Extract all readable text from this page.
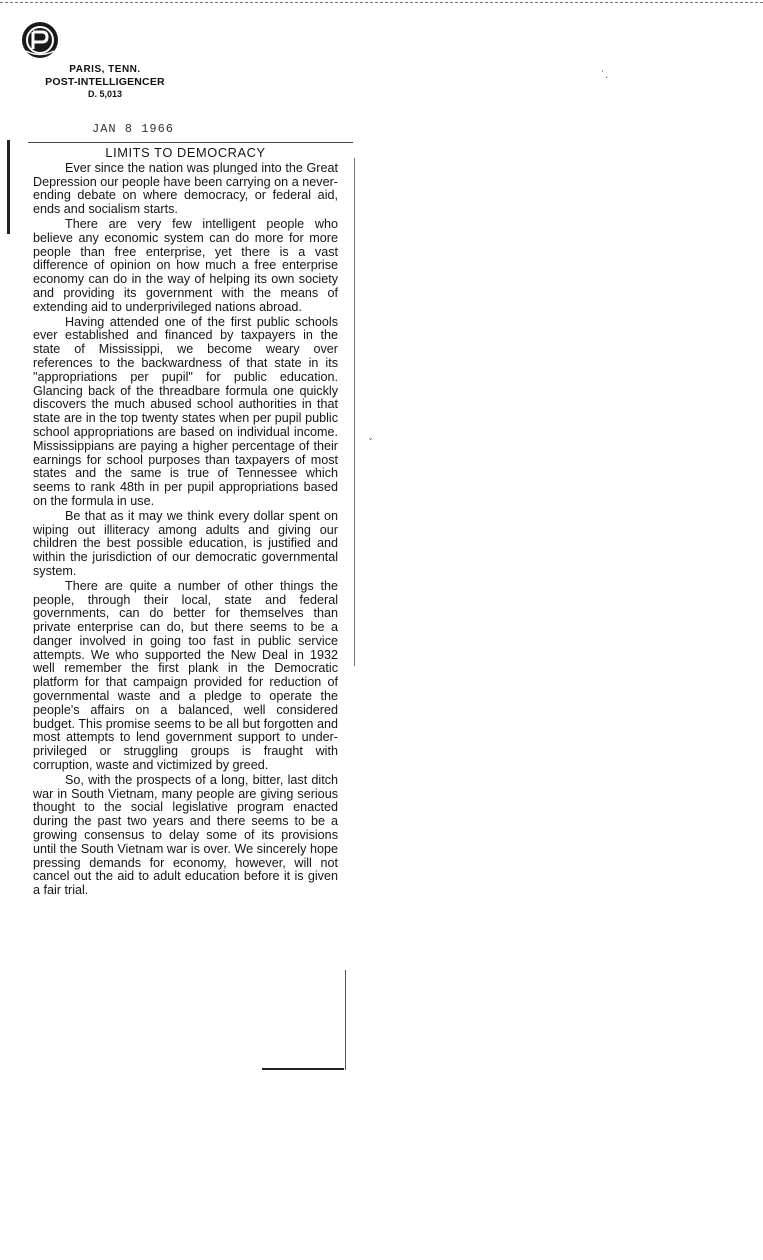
PARIS, TENN.
POST-INTELLIGENCER
D. 5,013
JAN 8 1966
˙.
ˇ
LIMITS TO DEMOCRACY

Ever since the nation was plunged into the Great Depression our people have been carrying on a never-ending debate on where democracy, or federal aid, ends and socialism starts.

There are very few intelligent people who believe any economic system can do more for more people than free enterprise, yet there is a vast difference of opinion on how much a free enterprise economy can do in the way of helping its own society and providing its government with the means of extending aid to underprivileged nations abroad.

Having attended one of the first public schools ever established and financed by taxpayers in the state of Mississippi, we become weary over references to the backwardness of that state in its "appropriations per pupil" for public education. Glancing back of the threadbare formula one quickly discovers the much abused school authorities in that state are in the top twenty states when per pupil public school appropriations are based on individual income. Mississippians are paying a higher percentage of their earnings for school purposes than taxpayers of most states and the same is true of Tennessee which seems to rank 48th in per pupil appropriations based on the formula in use.

Be that as it may we think every dollar spent on wiping out illiteracy among adults and giving our children the best possible education, is justified and within the jurisdiction of our democratic governmental system.

There are quite a number of other things the people, through their local, state and federal governments, can do better for themselves than private enterprise can do, but there seems to be a danger involved in going too fast in public service attempts. We who supported the New Deal in 1932 well remember the first plank in the Democratic platform for that campaign provided for reduction of governmental waste and a pledge to operate the people's affairs on a balanced, well considered budget. This promise seems to be all but forgotten and most attempts to lend government support to under-privileged or struggling groups is fraught with corruption, waste and victimized by greed.

So, with the prospects of a long, bitter, last ditch war in South Vietnam, many people are giving serious thought to the social legislative program enacted during the past two years and there seems to be a growing consensus to delay some of its provisions until the South Vietnam war is over. We sincerely hope pressing demands for economy, however, will not cancel out the aid to adult education before it is given a fair trial.
